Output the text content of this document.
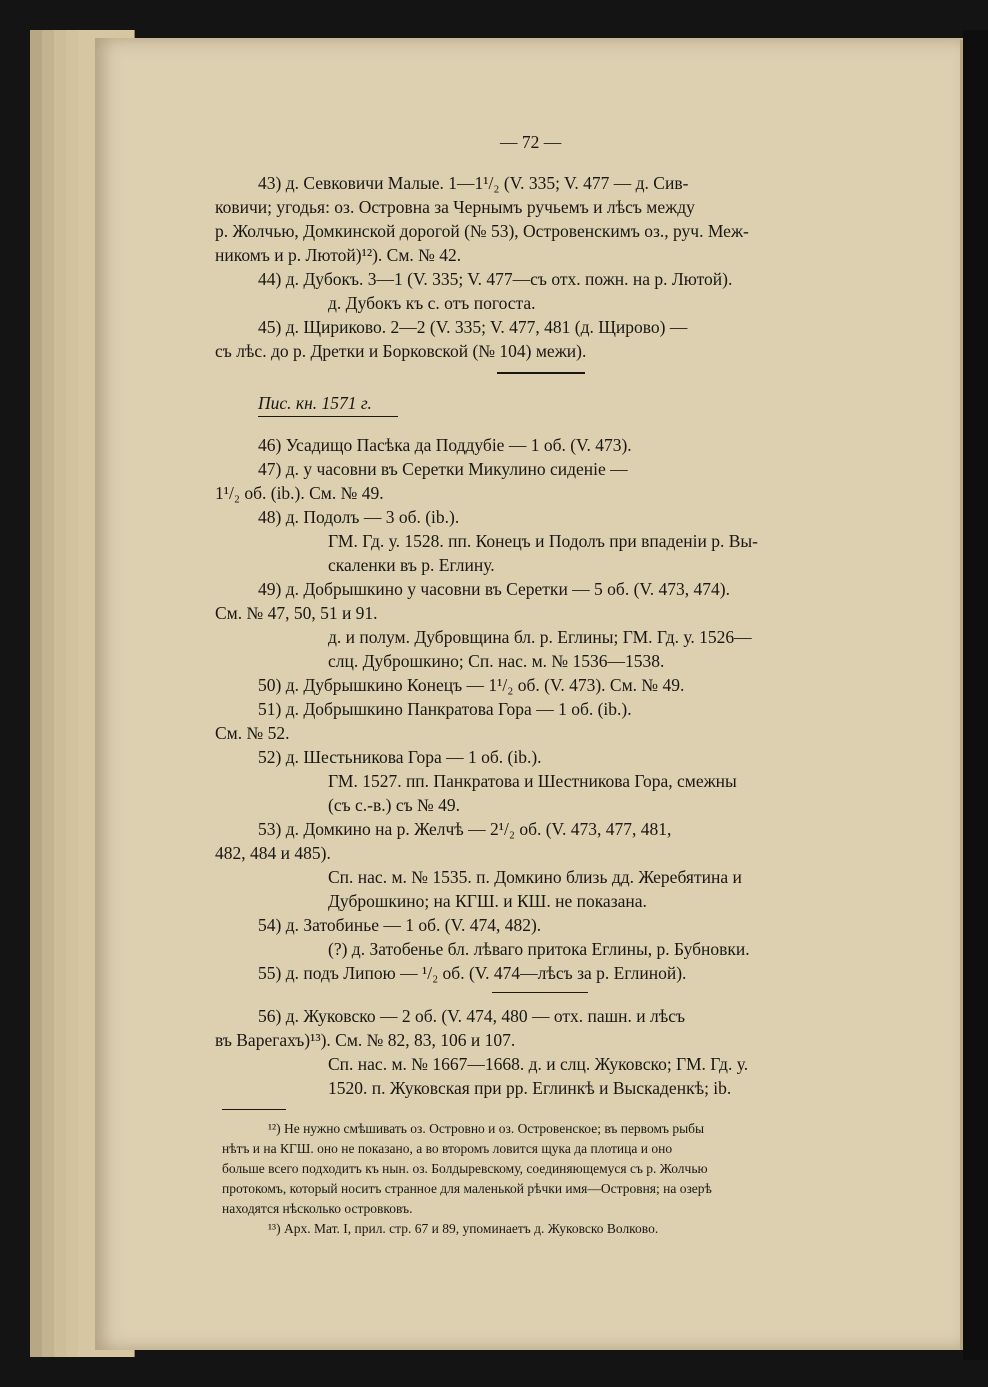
— 72 —
43) д. Севковичи Малые. 1—1¹/₂ (V. 335; V. 477 — д. Сив-
ковичи; угодья: оз. Островна за Чернымъ ручьемъ и лѣсъ между
р. Жолчью, Домкинской дорогой (№ 53), Островенскимъ оз., руч. Меж-
никомъ и р. Лютой)¹²). См. № 42.
44) д. Дубокъ. 3—1 (V. 335; V. 477—съ отх. пожн. на р. Лютой).
д. Дубокъ къ с. отъ погоста.
45) д. Щириково. 2—2 (V. 335; V. 477, 481 (д. Щирово) —
съ лѣс. до р. Дретки и Борковской (№ 104) межи).
Пис. кн. 1571 г.
46) Усадищо Пасѣка да Поддубіе — 1 об. (V. 473).
47) д. у часовни въ Серетки Микулино сиденіе —
1¹/₂ об. (ib.). См. № 49.
48) д. Подолъ — 3 об. (ib.).
ГМ. Гд. у. 1528. пп. Конецъ и Подолъ при впаденіи р. Вы-
скаленки въ р. Еглину.
49) д. Добрышкино у часовни въ Серетки — 5 об. (V. 473, 474).
См. № 47, 50, 51 и 91.
д. и полум. Дубровщина бл. р. Еглины; ГМ. Гд. у. 1526—
слц. Дуброшкино; Сп. нас. м. № 1536—1538.
50) д. Дубрышкино Конецъ — 1¹/₂ об. (V. 473). См. № 49.
51) д. Добрышкино Панкратова Гора — 1 об. (ib.).
См. № 52.
52) д. Шестьникова Гора — 1 об. (ib.).
ГМ. 1527. пп. Панкратова и Шестникова Гора, смежны
(съ с.-в.) съ № 49.
53) д. Домкино на р. Желчѣ — 2¹/₂ об. (V. 473, 477, 481,
482, 484 и 485).
Сп. нас. м. № 1535. п. Домкино близь дд. Жеребятина и
Дуброшкино; на КГШ. и КШ. не показана.
54) д. Затобинье — 1 об. (V. 474, 482).
(?) д. Затобенье бл. лѣваго притока Еглины, р. Бубновки.
55) д. подъ Липою — ¹/₂ об. (V. 474—лѣсъ за р. Еглиной).
56) д. Жуковско — 2 об. (V. 474, 480 — отх. пашн. и лѣсъ
въ Варегахъ)¹³). См. № 82, 83, 106 и 107.
Сп. нас. м. № 1667—1668. д. и слц. Жуковско; ГМ. Гд. у.
1520. п. Жуковская при рр. Еглинкѣ и Выскаденкѣ; ib.
¹²) Не нужно смѣшивать оз. Островно и оз. Островенское; въ первомъ рыбы
нѣтъ и на КГШ. оно не показано, а во второмъ ловится щука да плотица и оно
больше всего подходитъ къ нын. оз. Болдыревскому, соединяющемуся съ р. Жолчью
протокомъ, который носитъ странное для маленькой рѣчки имя—Островня; на озерѣ
находятся нѣсколько островковъ.
¹³) Арх. Мат. I, прил. стр. 67 и 89, упоминаетъ д. Жуковско Волково.
